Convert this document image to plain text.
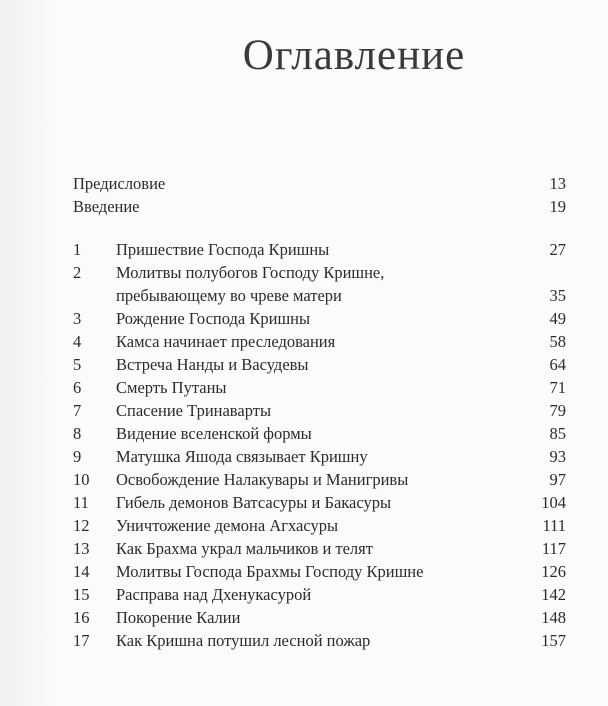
Оглавление
Предисловие	13
Введение	19
1	Пришествие Господа Кришны	27
2	Молитвы полубогов Господу Кришне,
пребывающему во чреве матери	35
3	Рождение Господа Кришны	49
4	Камса начинает преследования	58
5	Встреча Нанды и Васудевы	64
6	Смерть Путаны	71
7	Спасение Тринаварты	79
8	Видение вселенской формы	85
9	Матушка Яшода связывает Кришну	93
10	Освобождение Налакувары и Манигривы	97
11	Гибель демонов Ватсасуры и Бакасуры	104
12	Уничтожение демона Агхасуры	111
13	Как Брахма украл мальчиков и телят	117
14	Молитвы Господа Брахмы Господу Кришне	126
15	Расправа над Дхенукасурой	142
16	Покорение Калии	148
17	Как Кришна потушил лесной пожар	157
